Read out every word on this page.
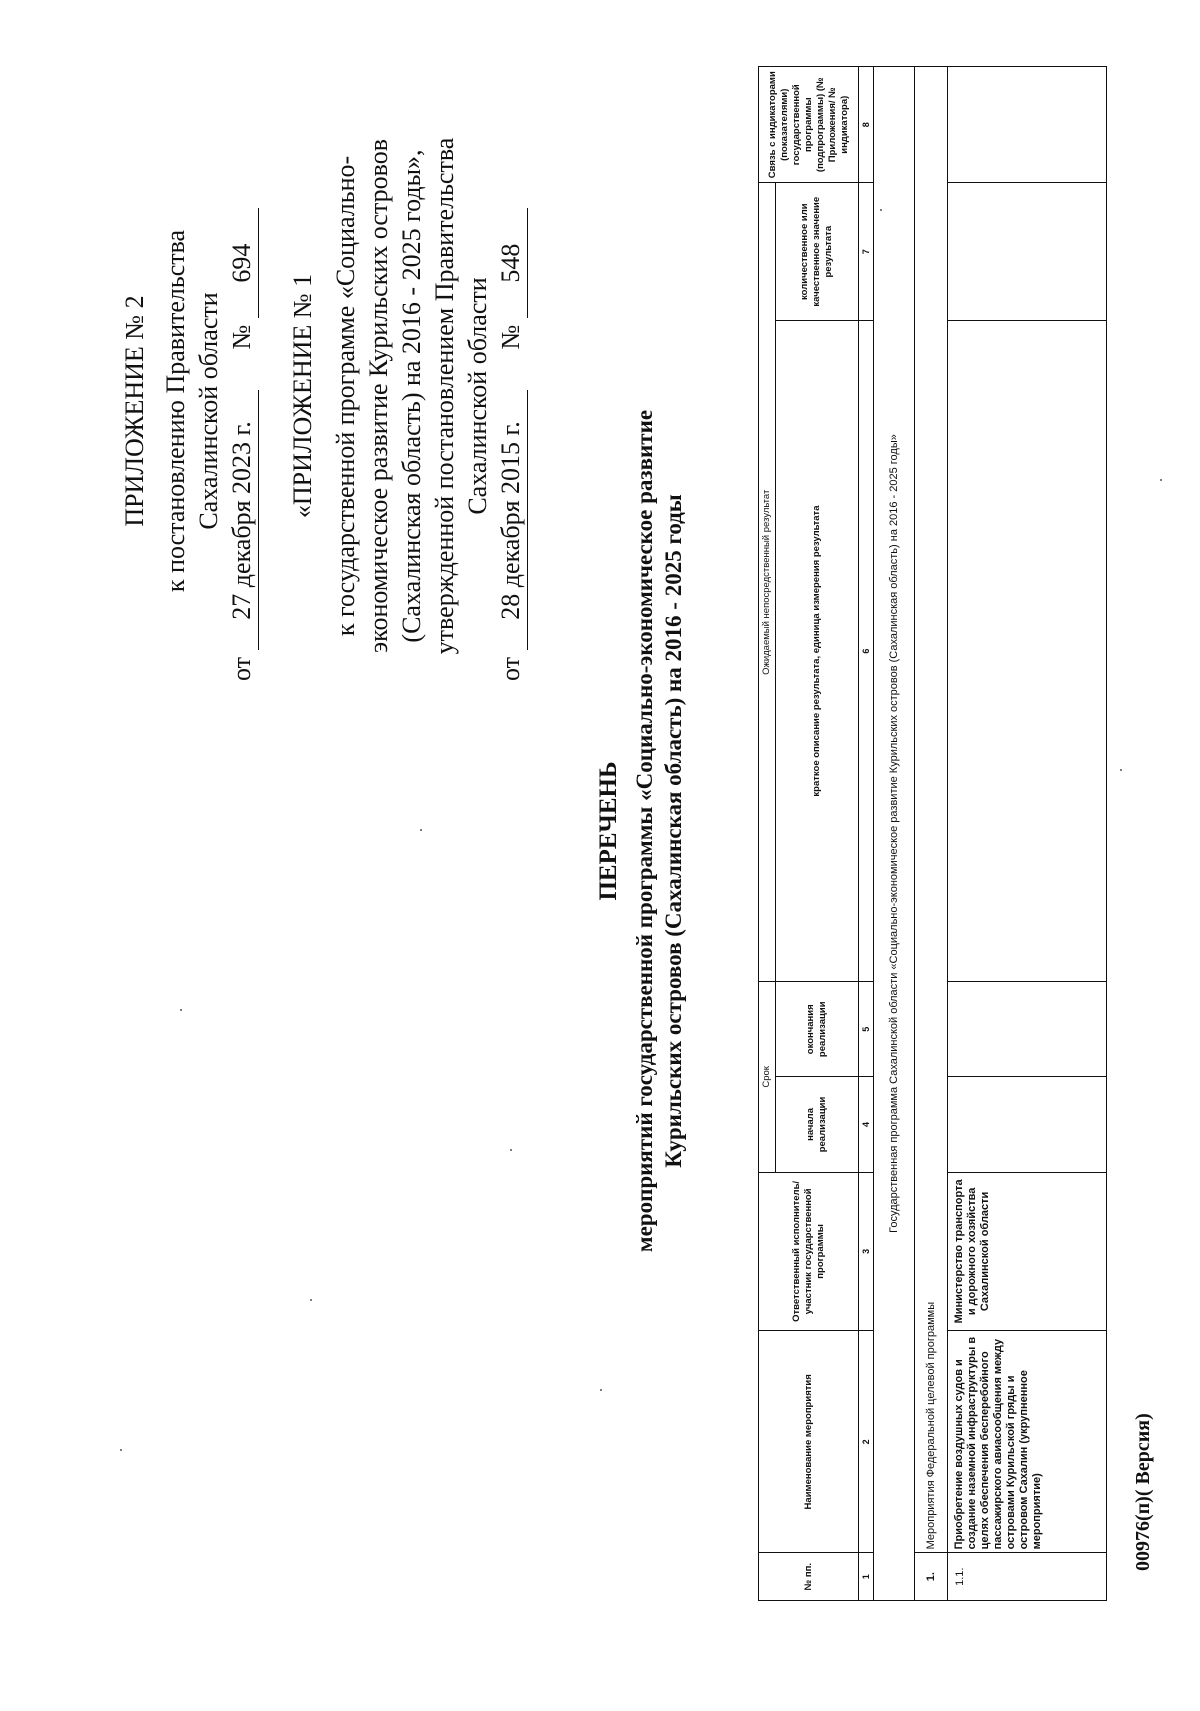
ПРИЛОЖЕНИЕ № 2 к постановлению Правительства Сахалинской области
от 27 декабря 2023 г.  № 694
«ПРИЛОЖЕНИЕ № 1 к государственной программе «Социально- экономическое развитие Курильских островов (Сахалинская область) на 2016 - 2025 годы», утвержденной постановлением Правительства Сахалинской области
от 28 декабря 2015 г.  № 548
ПЕРЕЧЕНЬ мероприятий государственной программы «Социально-экономическое развитие Курильских островов (Сахалинская область) на 2016 - 2025 годы
№ пп.	Наименование мероприятия	Ответственный исполнитель/участник государственной программы	Срок		Ожидаемый непосредственный результат		Связь с индикаторами (показателями) государственной программы (подпрограммы) (№ Приложения/ № индикатора)
			начала реализации	окончания реализации	краткое описание результата, единица измерения результата	количественное или качественное значение результата	
1	2	3	4	5	6	7	8
Государственная программа Сахалинской области «Социально-экономическое развитие Курильских островов (Сахалинская область) на 2016 - 2025 годы»							
1.	Мероприятия Федеральной целевой программы						
1.1.	Приобретение воздушных судов и создание наземной инфраструктуры в целях обеспечения бесперебойного пассажирского авиасообщения между островами Курильской гряды и островом Сахалин (укрупненное мероприятие)	Министерство транспорта и дорожного хозяйства Сахалинской области					
00976(п)( Версия)
